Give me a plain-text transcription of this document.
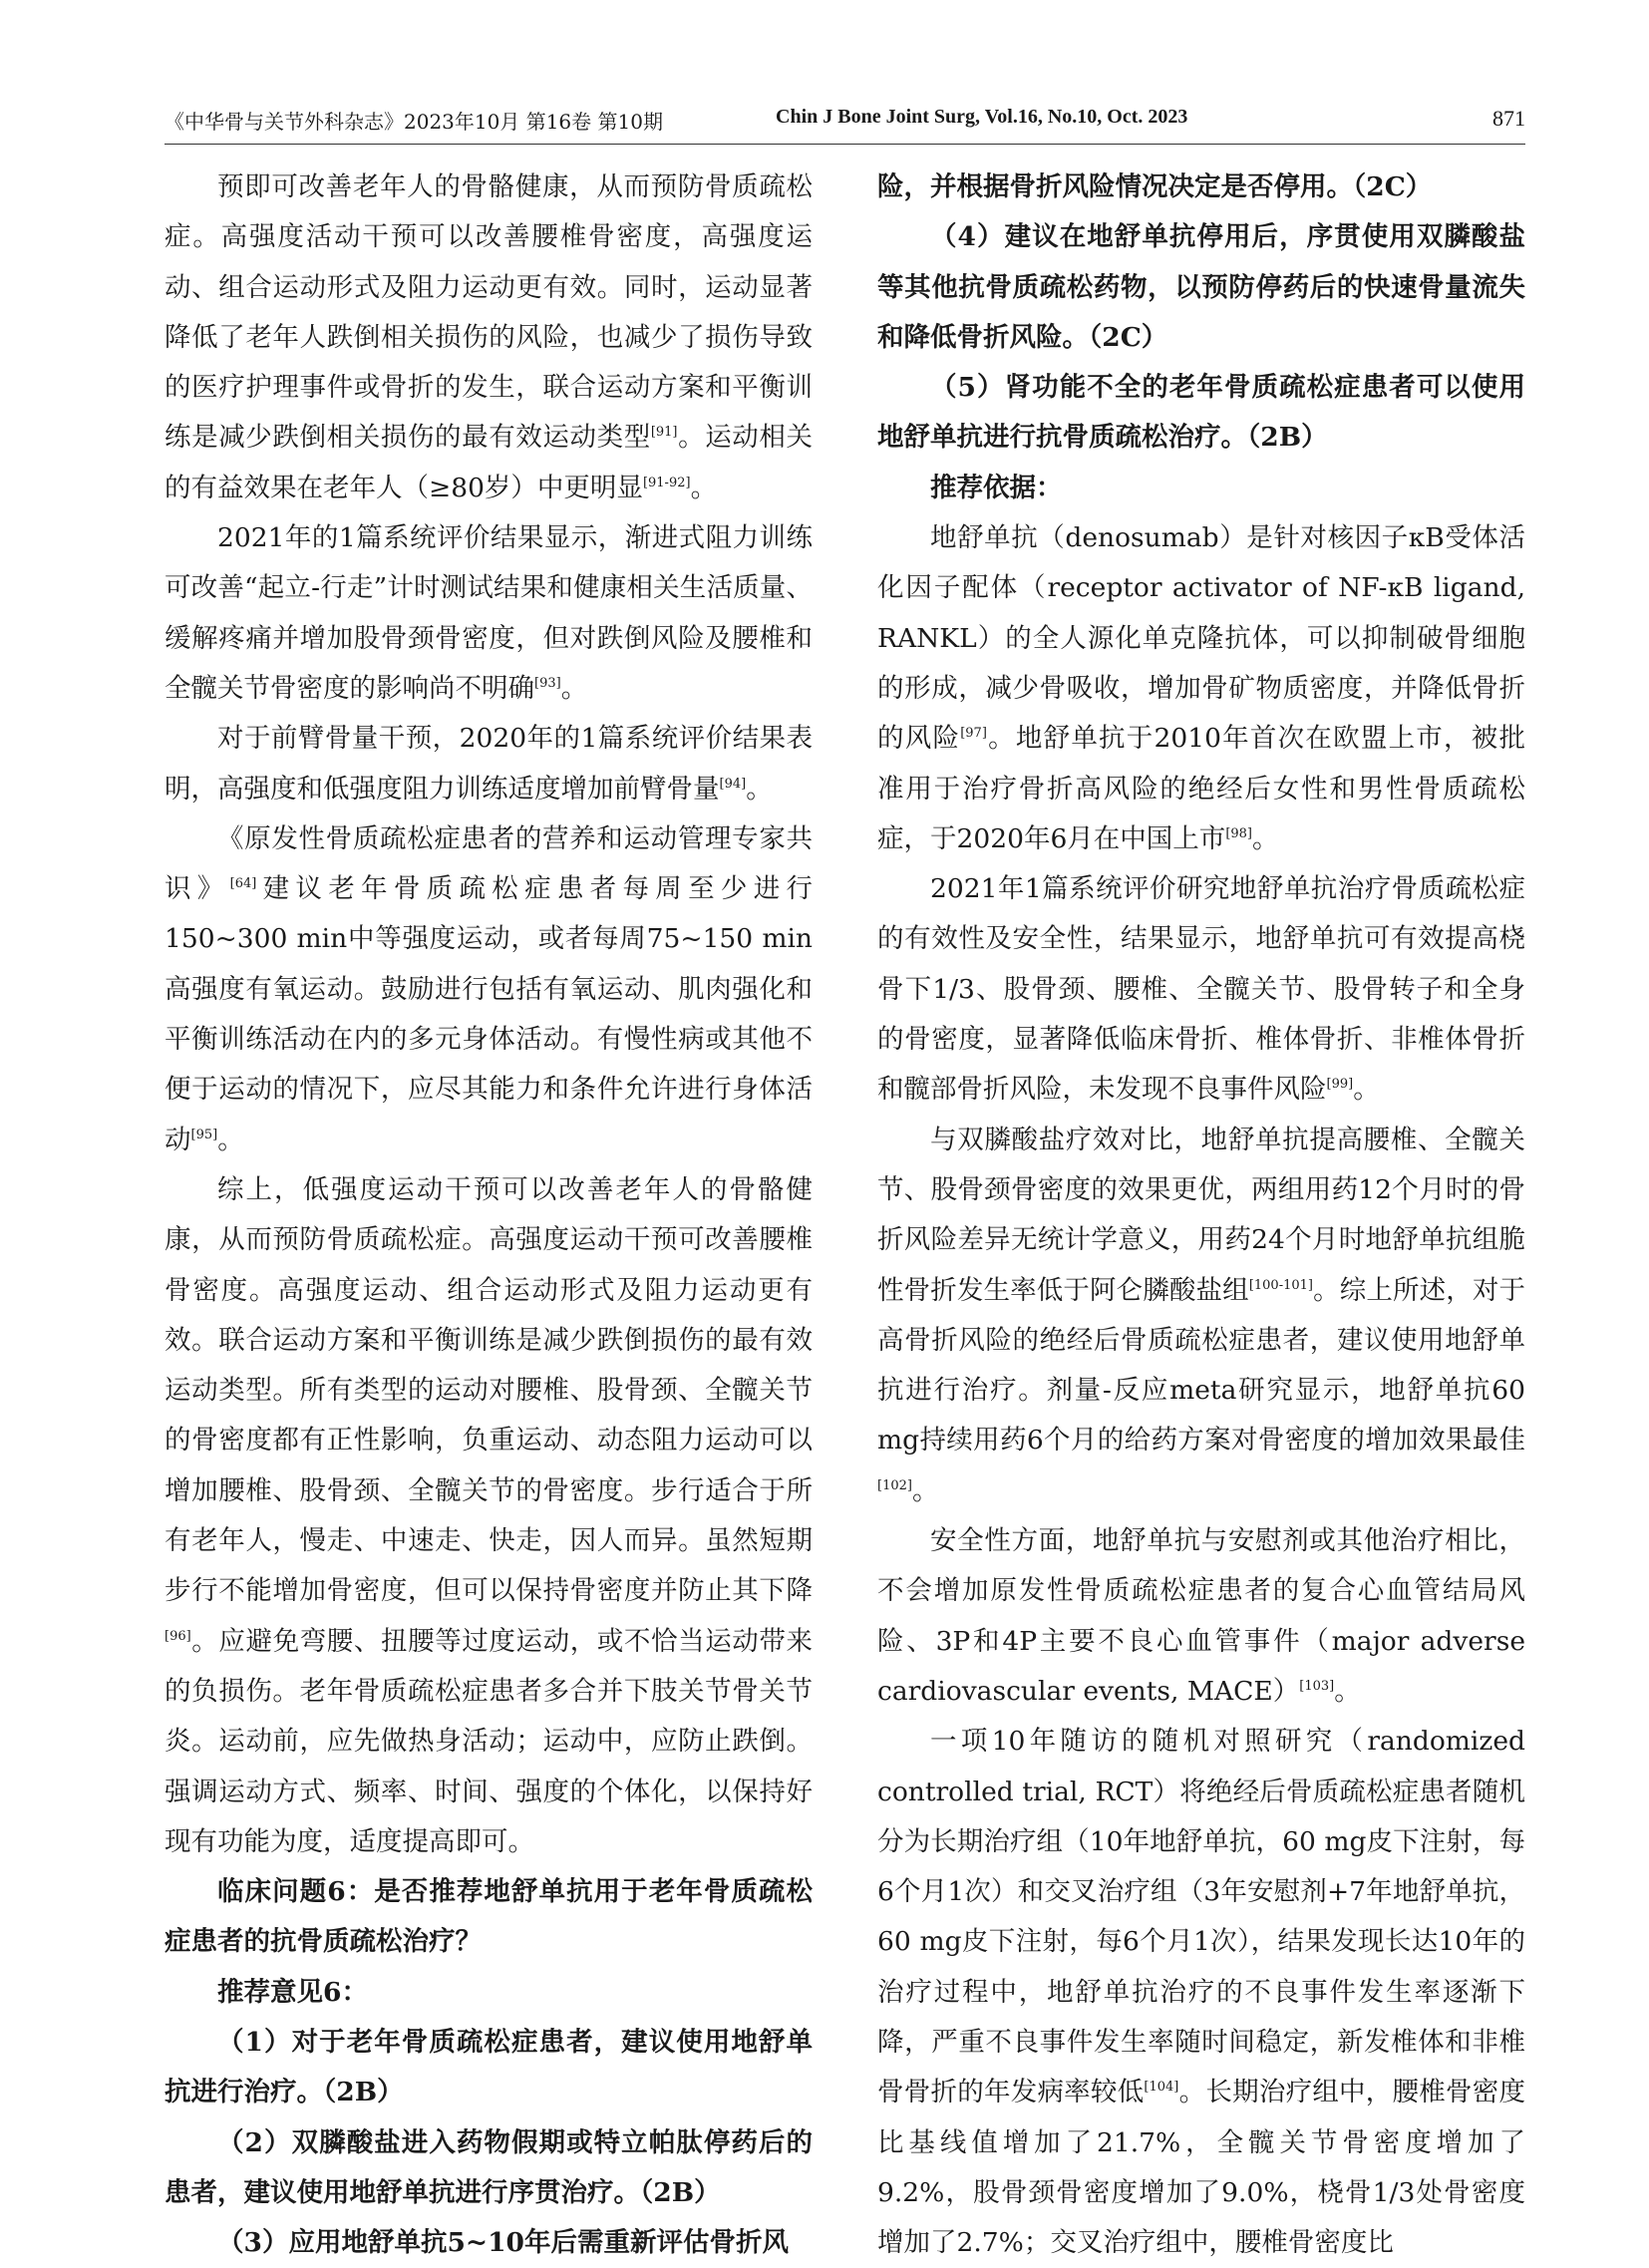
《中华骨与关节外科杂志》2023年10月 第16卷 第10期	Chin J Bone Joint Surg, Vol.16, No.10, Oct. 2023	871

预即可改善老年人的骨骼健康，从而预防骨质疏松症。高强度活动干预可以改善腰椎骨密度，高强度运动、组合运动形式及阻力运动更有效。同时，运动显著降低了老年人跌倒相关损伤的风险，也减少了损伤导致的医疗护理事件或骨折的发生，联合运动方案和平衡训练是减少跌倒相关损伤的最有效运动类型[91]。运动相关的有益效果在老年人（≥80岁）中更明显[91-92]。

2021年的1篇系统评价结果显示，渐进式阻力训练可改善“起立-行走”计时测试结果和健康相关生活质量、缓解疼痛并增加股骨颈骨密度，但对跌倒风险及腰椎和全髋关节骨密度的影响尚不明确[93]。

对于前臂骨量干预，2020年的1篇系统评价结果表明，高强度和低强度阻力训练适度增加前臂骨量[94]。

《原发性骨质疏松症患者的营养和运动管理专家共识》[64]建议老年骨质疏松症患者每周至少进行150~300 min中等强度运动，或者每周75~150 min高强度有氧运动。鼓励进行包括有氧运动、肌肉强化和平衡训练活动在内的多元身体活动。有慢性病或其他不便于运动的情况下，应尽其能力和条件允许进行身体活动[95]。

综上，低强度运动干预可以改善老年人的骨骼健康，从而预防骨质疏松症。高强度运动干预可改善腰椎骨密度。高强度运动、组合运动形式及阻力运动更有效。联合运动方案和平衡训练是减少跌倒损伤的最有效运动类型。所有类型的运动对腰椎、股骨颈、全髋关节的骨密度都有正性影响，负重运动、动态阻力运动可以增加腰椎、股骨颈、全髋关节的骨密度。步行适合于所有老年人，慢走、中速走、快走，因人而异。虽然短期步行不能增加骨密度，但可以保持骨密度并防止其下降[96]。应避免弯腰、扭腰等过度运动，或不恰当运动带来的负损伤。老年骨质疏松症患者多合并下肢关节骨关节炎。运动前，应先做热身活动；运动中，应防止跌倒。强调运动方式、频率、时间、强度的个体化，以保持好现有功能为度，适度提高即可。

临床问题6：是否推荐地舒单抗用于老年骨质疏松症患者的抗骨质疏松治疗？

推荐意见6：

（1）对于老年骨质疏松症患者，建议使用地舒单抗进行治疗。（2B）

（2）双膦酸盐进入药物假期或特立帕肽停药后的患者，建议使用地舒单抗进行序贯治疗。（2B）

（3）应用地舒单抗5~10年后需重新评估骨折风

险，并根据骨折风险情况决定是否停用。（2C）

（4）建议在地舒单抗停用后，序贯使用双膦酸盐等其他抗骨质疏松药物，以预防停药后的快速骨量流失和降低骨折风险。（2C）

（5）肾功能不全的老年骨质疏松症患者可以使用地舒单抗进行抗骨质疏松治疗。（2B）

推荐依据：

地舒单抗（denosumab）是针对核因子κB受体活化因子配体（receptor activator of NF-κB ligand, RANKL）的全人源化单克隆抗体，可以抑制破骨细胞的形成，减少骨吸收，增加骨矿物质密度，并降低骨折的风险[97]。地舒单抗于2010年首次在欧盟上市，被批准用于治疗骨折高风险的绝经后女性和男性骨质疏松症，于2020年6月在中国上市[98]。

2021年1篇系统评价研究地舒单抗治疗骨质疏松症的有效性及安全性，结果显示，地舒单抗可有效提高桡骨下1/3、股骨颈、腰椎、全髋关节、股骨转子和全身的骨密度，显著降低临床骨折、椎体骨折、非椎体骨折和髋部骨折风险，未发现不良事件风险[99]。

与双膦酸盐疗效对比，地舒单抗提高腰椎、全髋关节、股骨颈骨密度的效果更优，两组用药12个月时的骨折风险差异无统计学意义，用药24个月时地舒单抗组脆性骨折发生率低于阿仑膦酸盐组[100-101]。综上所述，对于高骨折风险的绝经后骨质疏松症患者，建议使用地舒单抗进行治疗。剂量-反应meta研究显示，地舒单抗60 mg持续用药6个月的给药方案对骨密度的增加效果最佳[102]。

安全性方面，地舒单抗与安慰剂或其他治疗相比，不会增加原发性骨质疏松症患者的复合心血管结局风险、3P和4P主要不良心血管事件（major adverse cardiovascular events, MACE）[103]。

一项10年随访的随机对照研究（randomized controlled trial, RCT）将绝经后骨质疏松症患者随机分为长期治疗组（10年地舒单抗，60 mg皮下注射，每6个月1次）和交叉治疗组（3年安慰剂+7年地舒单抗，60 mg皮下注射，每6个月1次），结果发现长达10年的治疗过程中，地舒单抗治疗的不良事件发生率逐渐下降，严重不良事件发生率随时间稳定，新发椎体和非椎骨骨折的年发病率较低[104]。长期治疗组中，腰椎骨密度比基线值增加了21.7%，全髋关节骨密度增加了9.2%，股骨颈骨密度增加了9.0%，桡骨1/3处骨密度增加了2.7%；交叉治疗组中，腰椎骨密度比
